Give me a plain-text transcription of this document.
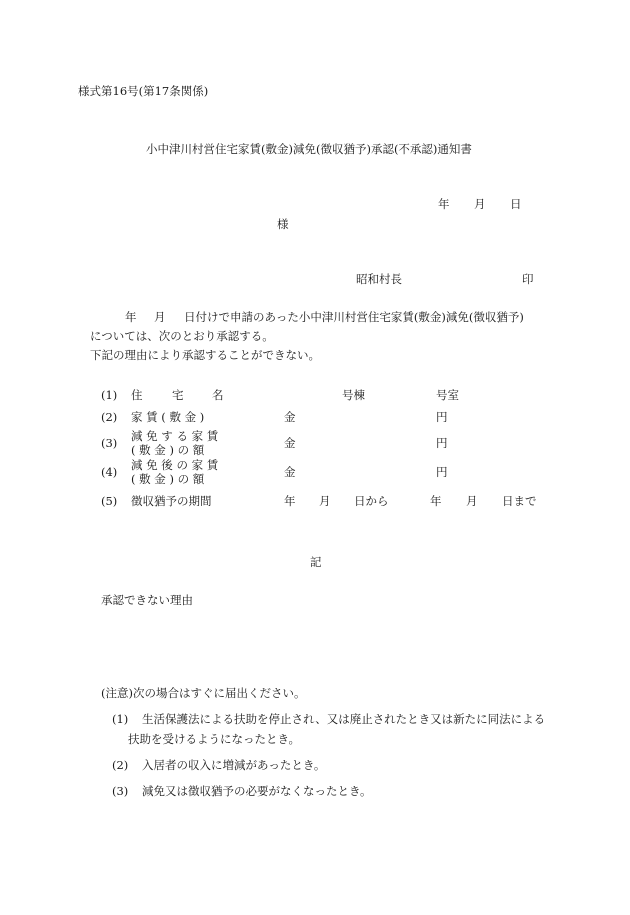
様式第16号(第17条関係)
小中津川村営住宅家賃(敷金)減免(徴収猶予)承認(不承認)通知書
年 月 日
様
昭和村長	印
年 月 日付けで申請のあった小中津川村営住宅家賃(敷金)減免(徴収猶予)
については、次のとおり承認する。
下記の理由により承認することができない。
(1) 住	宅 名	号棟	号室
(2) 家 賃 ( 敷 金 )	金	円
(3) 減 免 す る 家 賃
( 敷 金 ) の 額
金	円
(4) 減 免 後 の 家 賃
( 敷 金 ) の 額
金	円
(5) 徴収猶予の期間	年 月 日から	年 月 日まで
記
承認できない理由
(注意)次の場合はすぐに届出ください。
(1) 生活保護法による扶助を停止され、又は廃止されたとき又は新たに同法による
扶助を受けるようになったとき。
(2) 入居者の収入に増減があったとき。
(3) 減免又は徴収猶予の必要がなくなったとき。
